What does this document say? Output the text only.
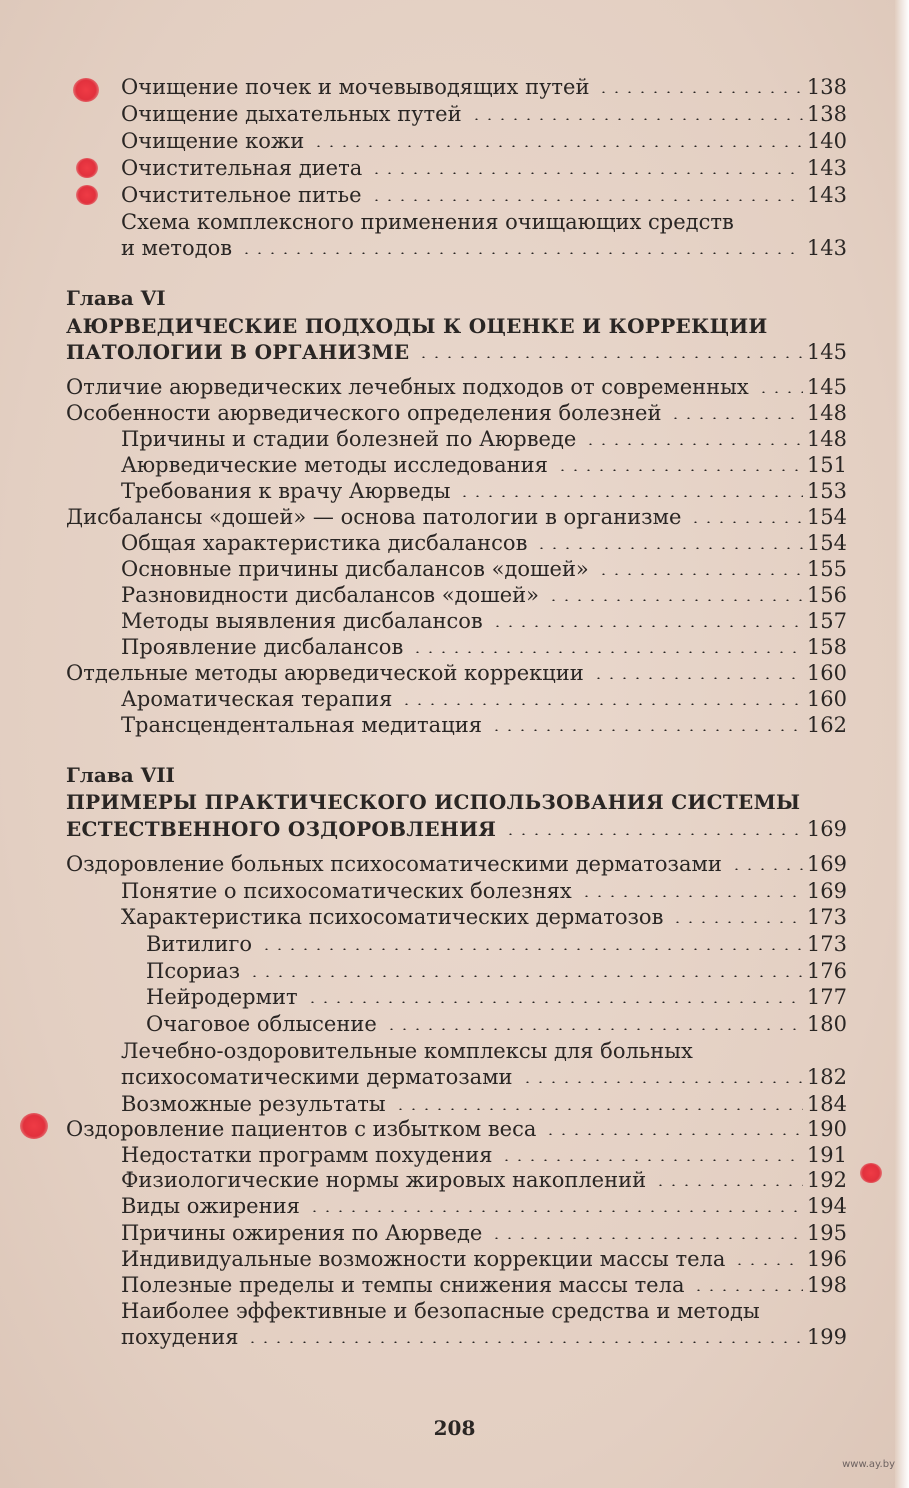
Очищение почек и мочевыводящих путей	138
Очищение дыхательных путей	138
Очищение кожи	140
Очистительная диета	143
Очистительное питье	143
Схема комплексного применения очищающих средств
и методов	143
Глава VI
АЮРВЕДИЧЕСКИЕ ПОДХОДЫ К ОЦЕНКЕ И КОРРЕКЦИИ
ПАТОЛОГИИ В ОРГАНИЗМЕ	145
Отличие аюрведических лечебных подходов от современных	145
Особенности аюрведического определения болезней	148
Причины и стадии болезней по Аюрведе	148
Аюрведические методы исследования	151
Требования к врачу Аюрведы	153
Дисбалансы «дошей» — основа патологии в организме	154
Общая характеристика дисбалансов	154
Основные причины дисбалансов «дошей»	155
Разновидности дисбалансов «дошей»	156
Методы выявления дисбалансов	157
Проявление дисбалансов	158
Отдельные методы аюрведической коррекции	160
Ароматическая терапия	160
Трансцендентальная медитация	162
Глава VII
ПРИМЕРЫ ПРАКТИЧЕСКОГО ИСПОЛЬЗОВАНИЯ СИСТЕМЫ
ЕСТЕСТВЕННОГО ОЗДОРОВЛЕНИЯ	169
Оздоровление больных психосоматическими дерматозами	169
Понятие о психосоматических болезнях	169
Характеристика психосоматических дерматозов	173
Витилиго	173
Псориаз	176
Нейродермит	177
Очаговое облысение	180
Лечебно-оздоровительные комплексы для больных
психосоматическими дерматозами	182
Возможные результаты	184
Оздоровление пациентов с избытком веса	190
Недостатки программ похудения	191
Физиологические нормы жировых накоплений	192
Виды ожирения	194
Причины ожирения по Аюрведе	195
Индивидуальные возможности коррекции массы тела	196
Полезные пределы и темпы снижения массы тела	198
Наиболее эффективные и безопасные средства и методы
похудения	199
208
www.ay.by
